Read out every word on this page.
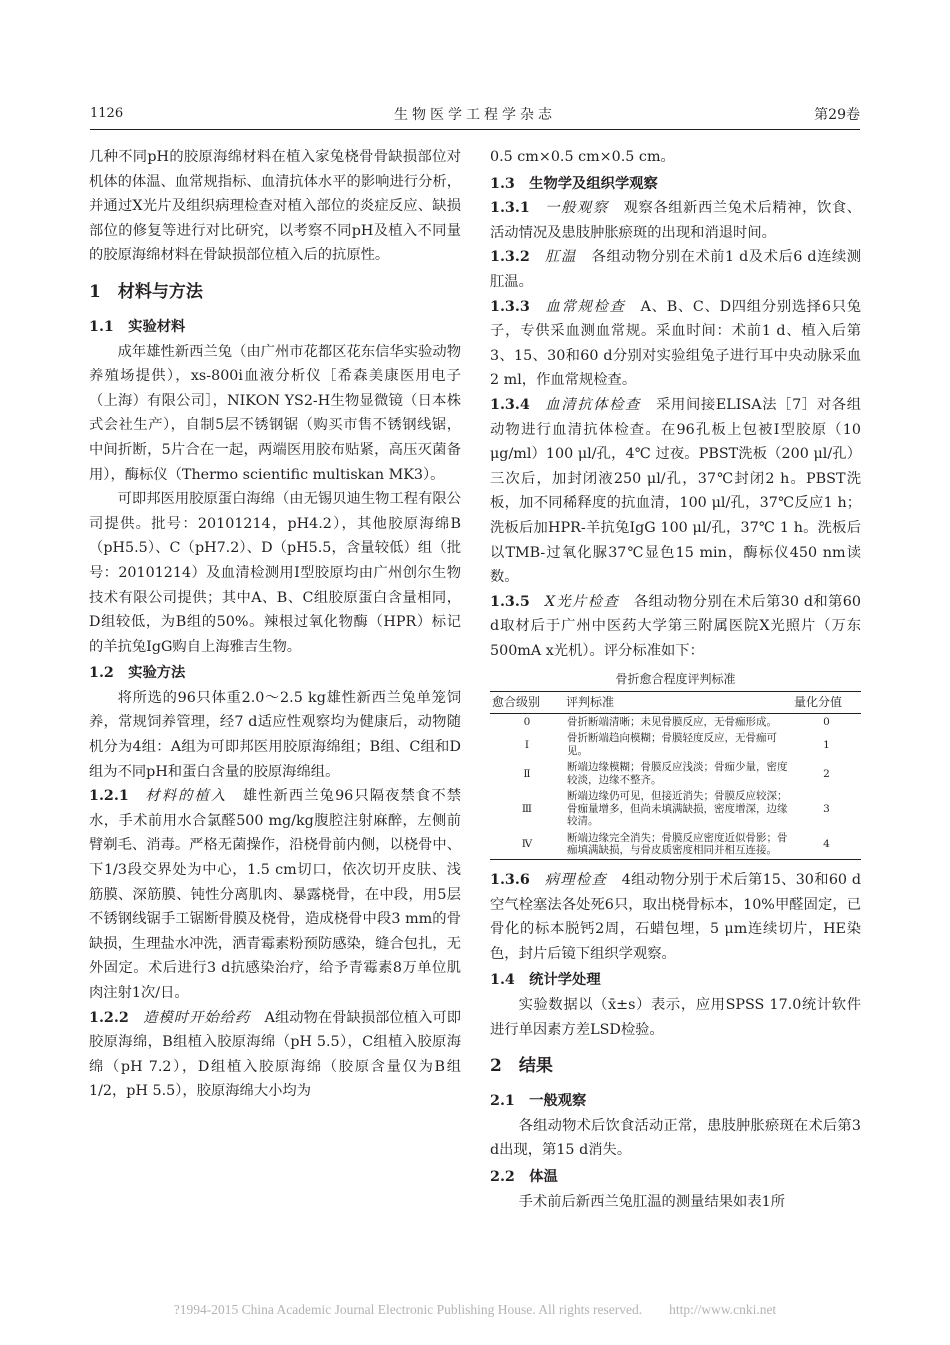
1126	生物医学工程学杂志	第29卷

几种不同pH的胶原海绵材料在植入家兔桡骨骨缺损部位对机体的体温、血常规指标、血清抗体水平的影响进行分析，并通过X光片及组织病理检查对植入部位的炎症反应、缺损部位的修复等进行对比研究，以考察不同pH及植入不同量的胶原海绵材料在骨缺损部位植入后的抗原性。

1　材料与方法
1.1　实验材料

成年雄性新西兰兔（由广州市花都区花东信华实验动物养殖场提供），xs-800i血液分析仪［希森美康医用电子（上海）有限公司］，NIKON YS2-H生物显微镜（日本株式会社生产），自制5层不锈钢锯（购买市售不锈钢线锯，中间折断，5片合在一起，两端医用胶布贴紧，高压灭菌备用），酶标仪（Thermo scientific multiskan MK3）。

可即邦医用胶原蛋白海绵（由无锡贝迪生物工程有限公司提供。批号：20101214，pH4.2），其他胶原海绵B（pH5.5）、C（pH7.2）、D（pH5.5，含量较低）组（批号：20101214）及血清检测用Ⅰ型胶原均由广州创尔生物技术有限公司提供；其中A、B、C组胶原蛋白含量相同，D组较低，为B组的50%。辣根过氧化物酶（HPR）标记的羊抗兔IgG购自上海雅吉生物。

1.2　实验方法

将所选的96只体重2.0～2.5 kg雄性新西兰兔单笼饲养，常规饲养管理，经7 d适应性观察均为健康后，动物随机分为4组：A组为可即邦医用胶原海绵组；B组、C组和D组为不同pH和蛋白含量的胶原海绵组。

1.2.1　 材料的植入　 雄性新西兰兔96只隔夜禁食不禁水，手术前用水合氯醛500 mg/kg腹腔注射麻醉，左侧前臂剃毛、消毒。严格无菌操作，沿桡骨前内侧，以桡骨中、下1/3段交界处为中心，1.5 cm切口，依次切开皮肤、浅筋膜、深筋膜、钝性分离肌肉、暴露桡骨，在中段，用5层不锈钢线锯手工锯断骨膜及桡骨，造成桡骨中段3 mm的骨缺损，生理盐水冲洗，洒青霉素粉预防感染，缝合包扎，无外固定。术后进行3 d抗感染治疗，给予青霉素8万单位肌肉注射1次/日。

1.2.2　 造模时开始给药　 A组动物在骨缺损部位植入可即胶原海绵，B组植入胶原海绵（pH 5.5），C组植入胶原海绵（pH 7.2），D组植入胶原海绵（胶原含量仅为B组1/2，pH 5.5），胶原海绵大小均为

0.5 cm×0.5 cm×0.5 cm。

1.3　生物学及组织学观察

1.3.1　 一般观察　 观察各组新西兰兔术后精神，饮食、活动情况及患肢肿胀瘀斑的出现和消退时间。

1.3.2　 肛温　 各组动物分别在术前1 d及术后6 d连续测肛温。

1.3.3　 血常规检查　 A、B、C、D四组分别选择6只兔子，专供采血测血常规。采血时间：术前1 d、植入后第3、15、30和60 d分别对实验组兔子进行耳中央动脉采血2 ml，作血常规检查。

1.3.4　 血清抗体检查　 采用间接ELISA法［7］对各组动物进行血清抗体检查。在96孔板上包被Ⅰ型胶原（10 μg/ml）100 μl/孔，4℃ 过夜。PBST洗板（200 μl/孔）三次后，加封闭液250 μl/孔，37℃封闭2 h。PBST洗板，加不同稀释度的抗血清，100 μl/孔，37℃反应1 h；洗板后加HPR-羊抗兔IgG 100 μl/孔，37℃ 1 h。洗板后以TMB-过氧化脲37℃显色15 min，酶标仪450 nm读数。

1.3.5　 X光片检查　 各组动物分别在术后第30 d和第60 d取材后于广州中医药大学第三附属医院X光照片（万东500mA x光机）。评分标准如下：

骨折愈合程度评判标准
愈合级别	评判标准	量化分值
0	骨折断端清晰；未见骨膜反应，无骨痂形成。	0
Ⅰ	骨折断端趋向模糊；骨膜轻度反应，无骨痂可
见。	1
Ⅱ	断端边缘模糊；骨膜反应浅淡；骨痂少量，密度
较淡，边缘不整齐。	2
Ⅲ	断端边缘仍可见，但接近消失；骨膜反应较深；
骨痂量增多，但尚未填满缺损，密度增深，边缘
较清。	3
Ⅳ	断端边缘完全消失；骨膜反应密度近似骨影；骨
痂填满缺损，与骨皮质密度相同并相互连接。	4

1.3.6　 病理检查　 4组动物分别于术后第15、30和60 d空气栓塞法各处死6只，取出桡骨标本，10%甲醛固定，已骨化的标本脱钙2周，石蜡包埋，5 μm连续切片，HE染色，封片后镜下组织学观察。

1.4　统计学处理

实验数据以（x̄±s）表示，应用SPSS 17.0统计软件进行单因素方差LSD检验。

2　结果
2.1　一般观察

各组动物术后饮食活动正常，患肢肿胀瘀斑在术后第3 d出现，第15 d消失。

2.2　体温

手术前后新西兰兔肛温的测量结果如表1所

?1994-2015 China Academic Journal Electronic Publishing House. All rights reserved.　　http://www.cnki.net
